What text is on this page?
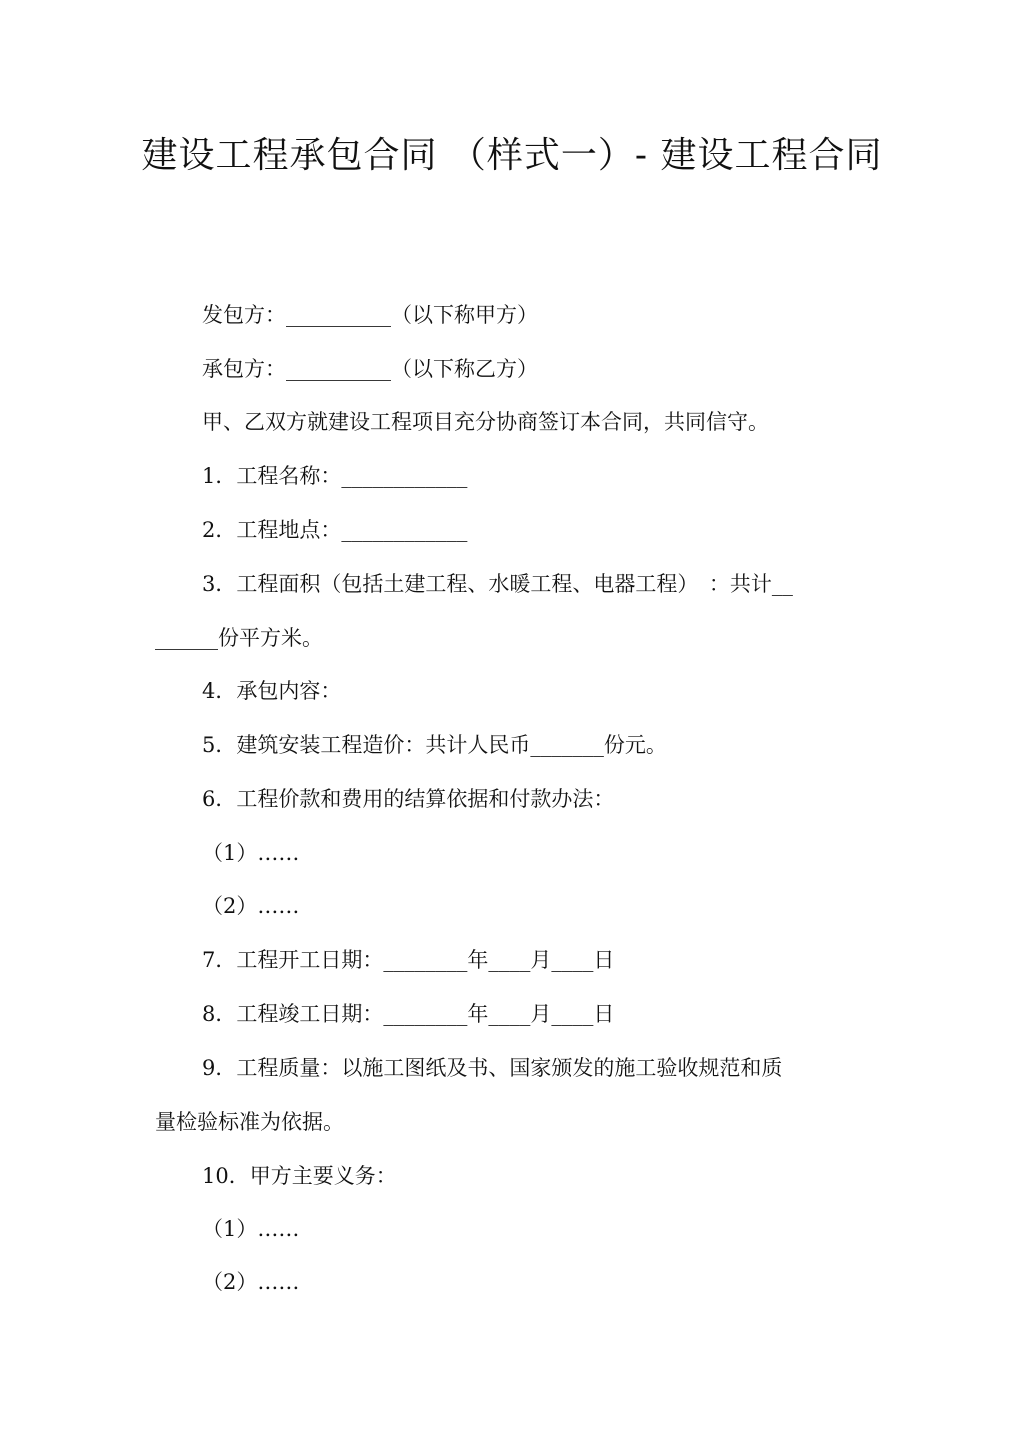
建设工程承包合同 （样式一）- 建设工程合同
发包方：__________（以下称甲方）
承包方：__________（以下称乙方）
甲、乙双方就建设工程项目充分协商签订本合同，共同信守。
1．工程名称：____________
2．工程地点：____________
3．工程面积（包括土建工程、水暖工程、电器工程）　：共计__
______份平方米。
4．承包内容：
5．建筑安装工程造价：共计人民币_______份元。
6．工程价款和费用的结算依据和付款办法：
（1）……
（2）……
7．工程开工日期：________年____月____日
8．工程竣工日期：________年____月____日
9．工程质量：以施工图纸及书、国家颁发的施工验收规范和质
量检验标准为依据。
10．甲方主要义务：
（1）……
（2）……
